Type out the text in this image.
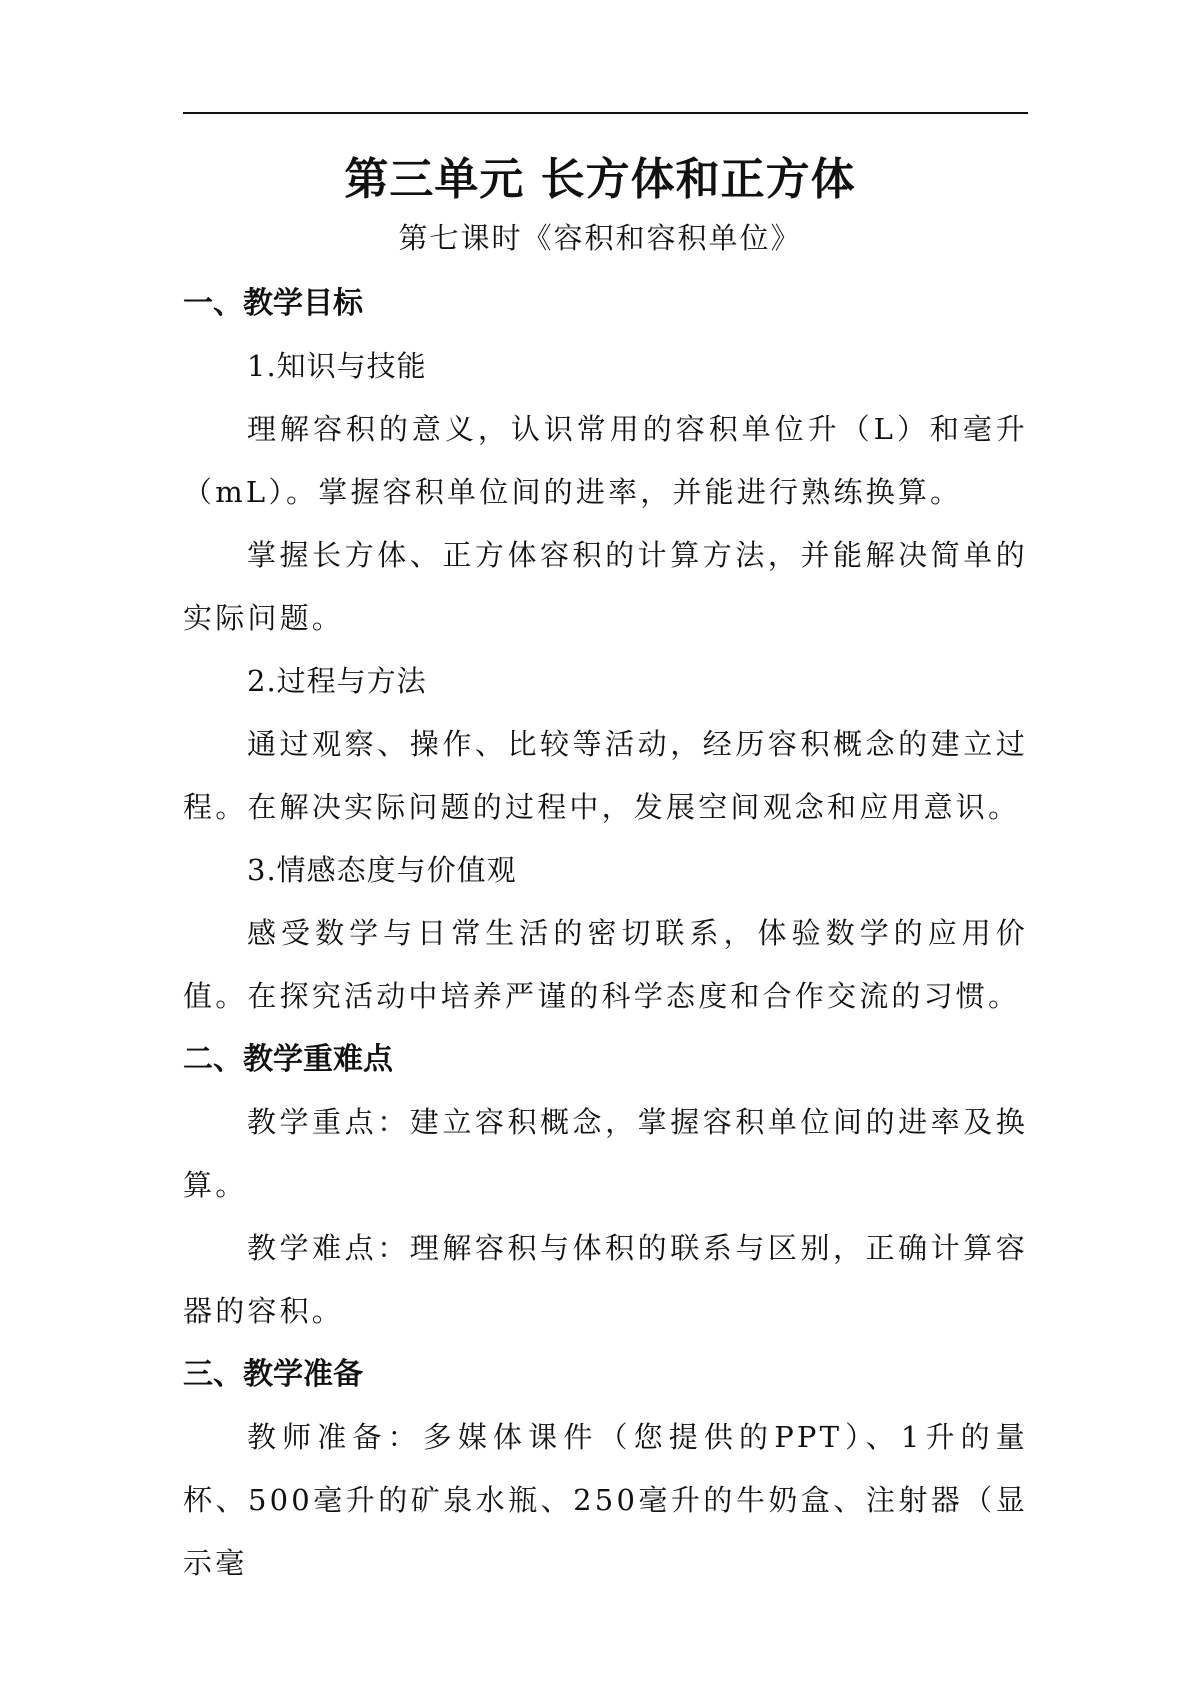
第三单元 长方体和正方体
第七课时《容积和容积单位》

一、教学目标

1.知识与技能

理解容积的意义，认识常用的容积单位升（L）和毫升（mL）。掌握容积单位间的进率，并能进行熟练换算。

掌握长方体、正方体容积的计算方法，并能解决简单的实际问题。

2.过程与方法

通过观察、操作、比较等活动，经历容积概念的建立过程。在解决实际问题的过程中，发展空间观念和应用意识。

3.情感态度与价值观

感受数学与日常生活的密切联系，体验数学的应用价值。在探究活动中培养严谨的科学态度和合作交流的习惯。

二、教学重难点

教学重点：建立容积概念，掌握容积单位间的进率及换算。

教学难点：理解容积与体积的联系与区别，正确计算容器的容积。

三、教学准备

教师准备：多媒体课件（您提供的PPT）、1升的量杯、500毫升的矿泉水瓶、250毫升的牛奶盒、注射器（显示毫
